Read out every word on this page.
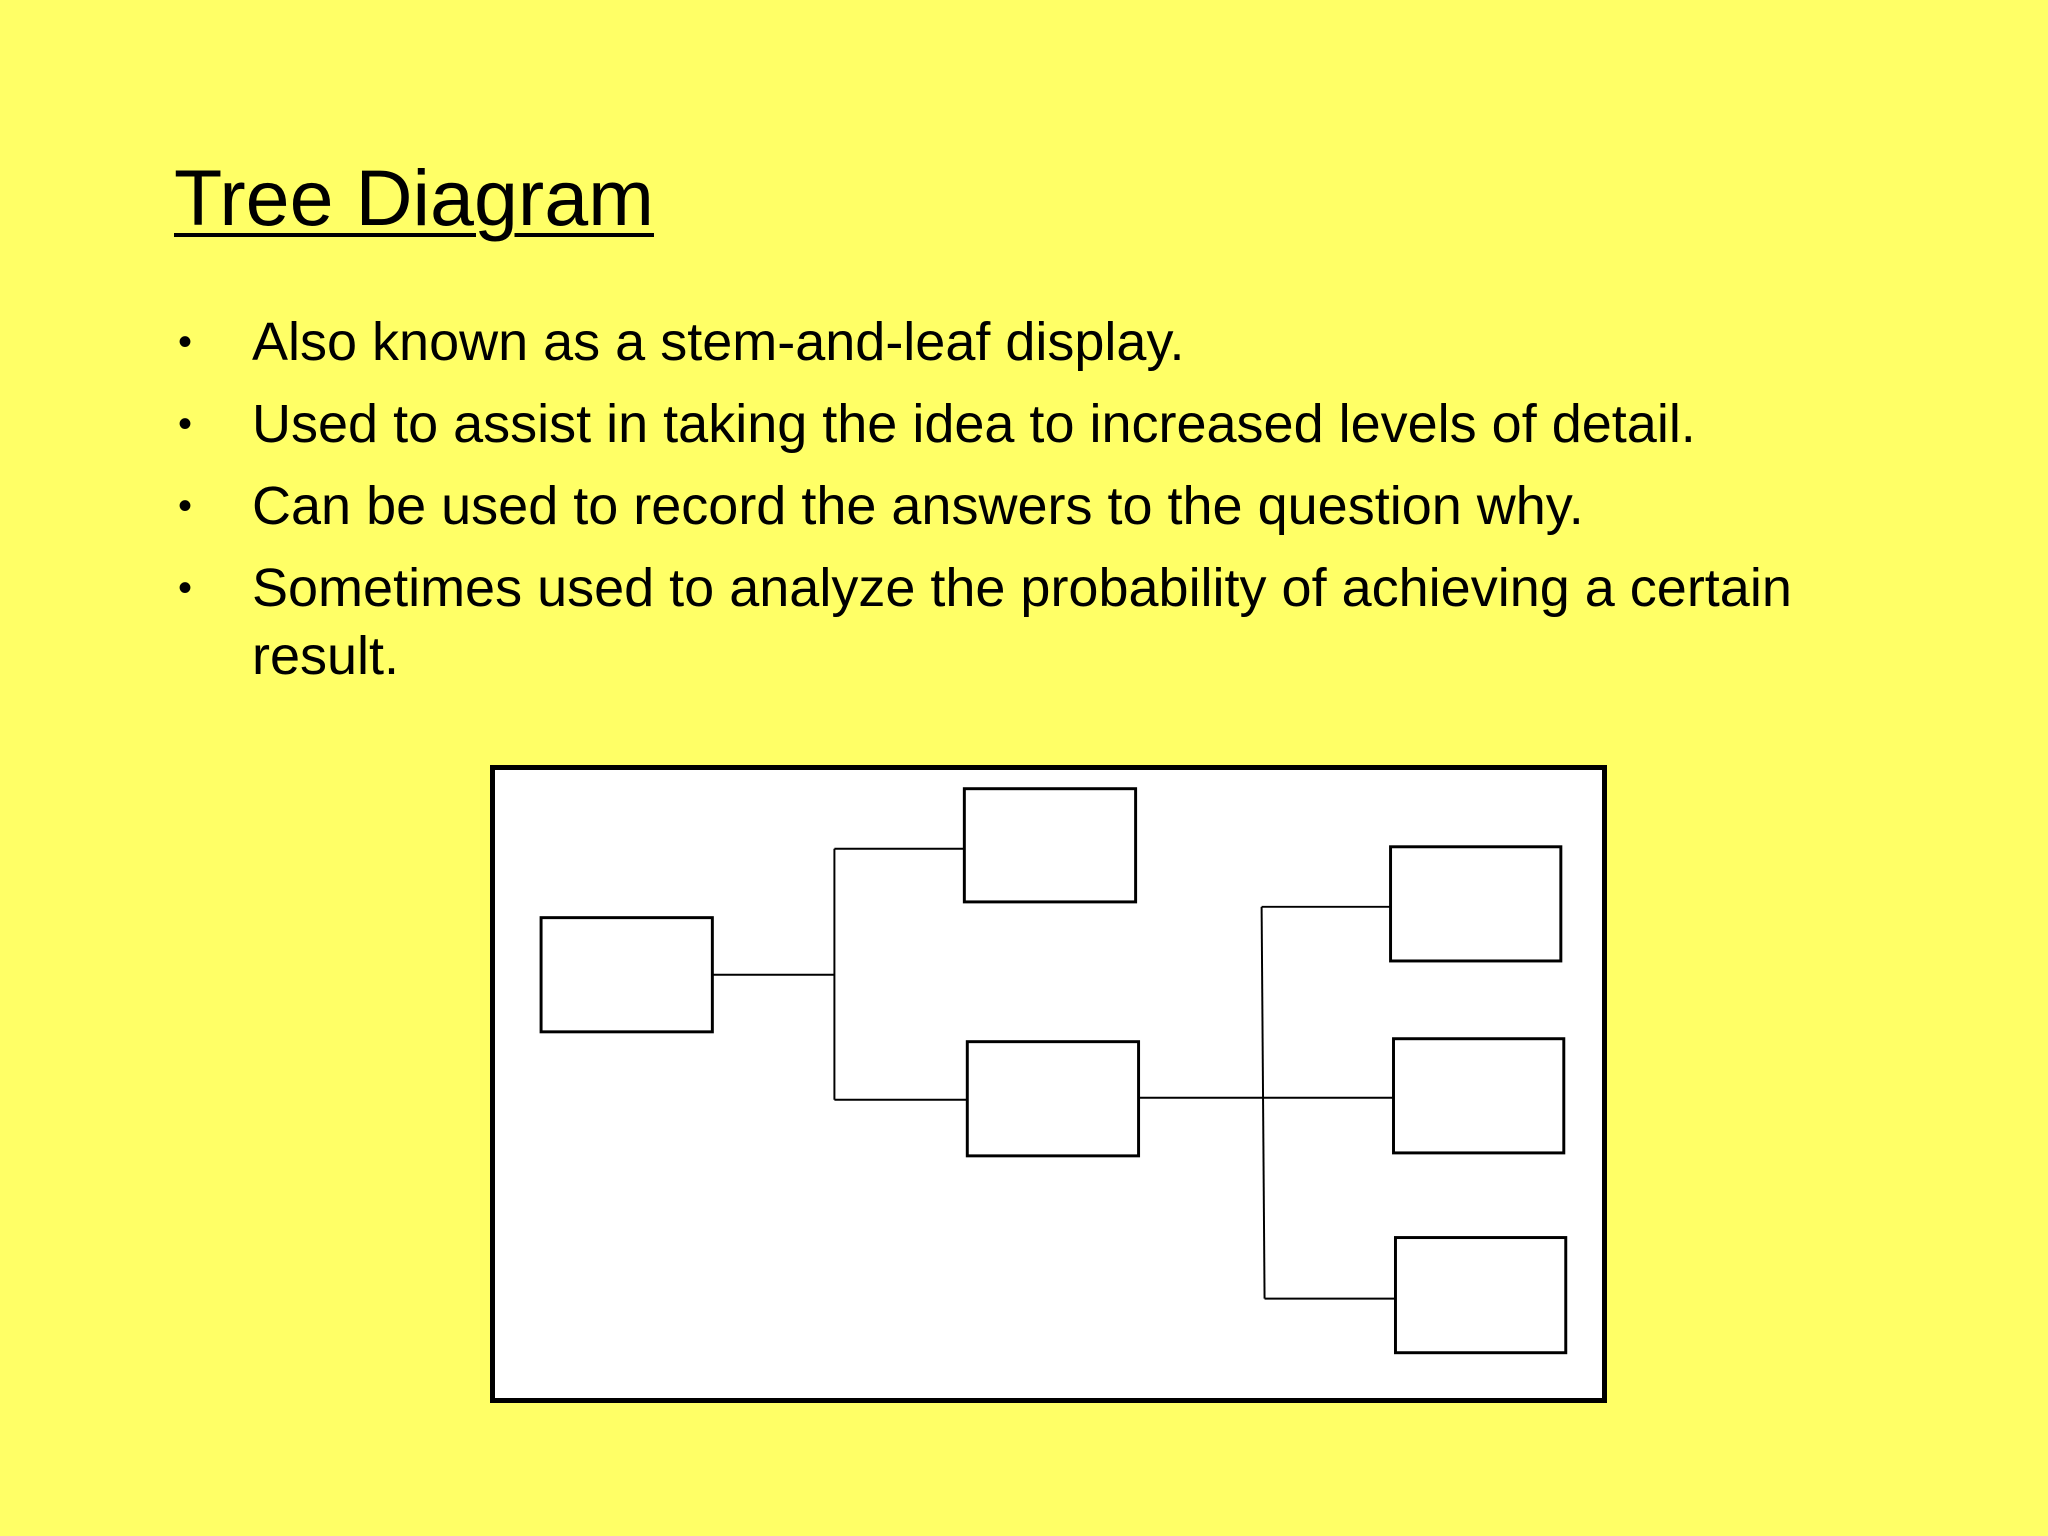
Tree Diagram
• Also known as a stem-and-leaf display.
• Used to assist in taking the idea to increased levels of detail.
• Can be used to record the answers to the question why.
• Sometimes used to analyze the probability of achieving a certain result.
